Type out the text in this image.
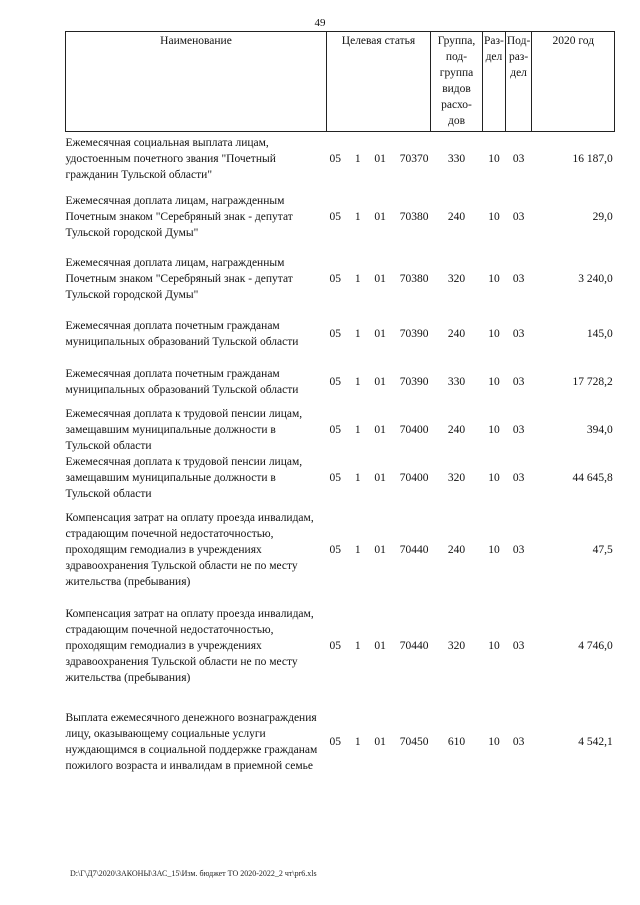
49
Наименование	Целевая статья	Группа, под- группа видов расхо- дов	Раз- дел	Под- раз- дел	2020 год
Ежемесячная социальная выплата лицам, удостоенным почетного звания "Почетный гражданин Тульской области"	05 1 01 70370	330	10	03	16 187,0
Ежемесячная доплата лицам, награжденным Почетным знаком "Серебряный знак - депутат Тульской городской Думы"	05 1 01 70380	240	10	03	29,0
Ежемесячная доплата лицам, награжденным Почетным знаком "Серебряный знак - депутат Тульской городской Думы"	05 1 01 70380	320	10	03	3 240,0
Ежемесячная доплата почетным гражданам муниципальных образований Тульской области	05 1 01 70390	240	10	03	145,0
Ежемесячная доплата почетным гражданам муниципальных образований Тульской области	05 1 01 70390	330	10	03	17 728,2
Ежемесячная доплата к трудовой пенсии лицам, замещавшим муниципальные должности в Тульской области	05 1 01 70400	240	10	03	394,0
Ежемесячная доплата к трудовой пенсии лицам, замещавшим муниципальные должности в Тульской области	05 1 01 70400	320	10	03	44 645,8
Компенсация затрат на оплату проезда инвалидам, страдающим почечной недостаточностью, проходящим гемодиализ в учреждениях здравоохранения Тульской области не по месту жительства (пребывания)	05 1 01 70440	240	10	03	47,5
Компенсация затрат на оплату проезда инвалидам, страдающим почечной недостаточностью, проходящим гемодиализ в учреждениях здравоохранения Тульской области не по месту жительства (пребывания)	05 1 01 70440	320	10	03	4 746,0
Выплата ежемесячного денежного вознаграждения лицу, оказывающему социальные услуги нуждающимся в социальной поддержке гражданам пожилого возраста и инвалидам в приемной семье	05 1 01 70450	610	10	03	4 542,1
D:\Г\Д7\2020\ЗАКОНЫ\ЗАС_15\Изм. бюджет ТО 2020-2022_2 чт\pr6.xls
